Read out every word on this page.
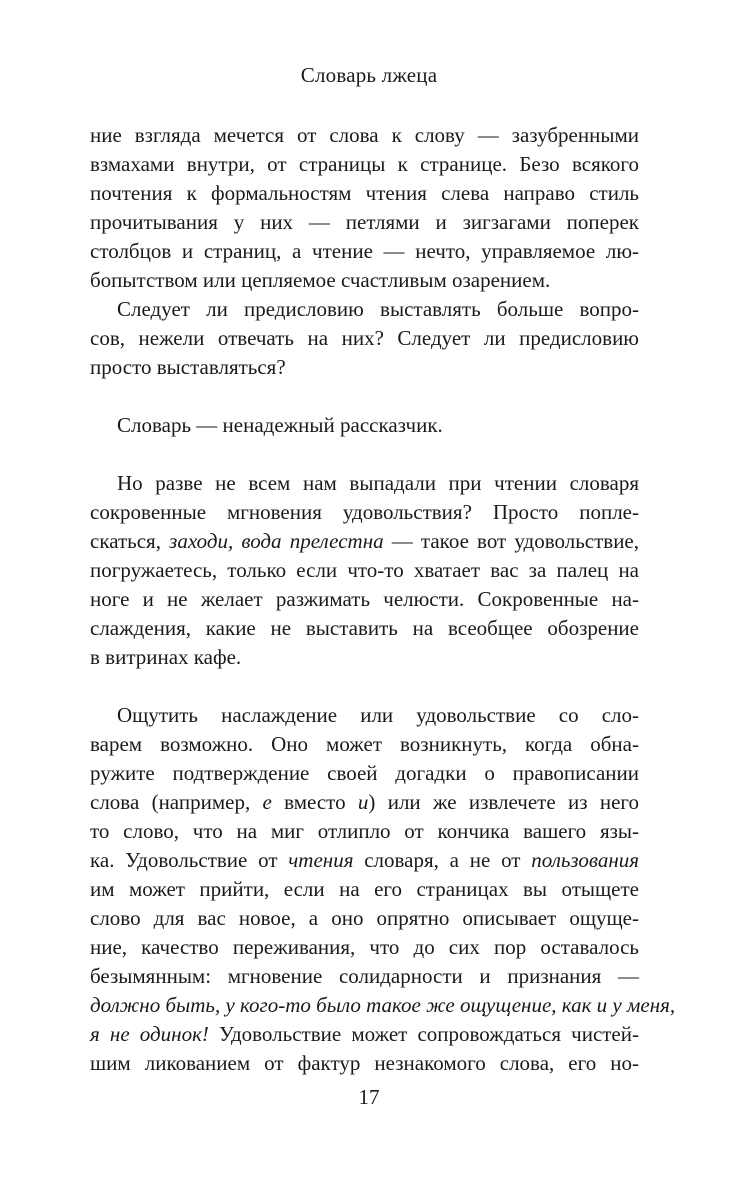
Словарь лжеца
ние взгляда мечется от слова к слову — зазубренными
взмахами внутри, от страницы к странице. Безо всякого
почтения к формальностям чтения слева направо стиль
прочитывания у них — петлями и зигзагами поперек
столбцов и страниц, а чтение — нечто, управляемое лю-
бопытством или цепляемое счастливым озарением.
Следует ли предисловию выставлять больше вопро-
сов, нежели отвечать на них? Следует ли предисловию
просто выставляться?
Словарь — ненадежный рассказчик.
Но разве не всем нам выпадали при чтении словаря
сокровенные мгновения удовольствия? Просто попле-
скаться, заходи, вода прелестна — такое вот удовольствие,
погружаетесь, только если что-то хватает вас за палец на
ноге и не желает разжимать челюсти. Сокровенные на-
слаждения, какие не выставить на всеобщее обозрение
в витринах кафе.
Ощутить наслаждение или удовольствие со сло-
варем возможно. Оно может возникнуть, когда обна-
ружите подтверждение своей догадки о правописании
слова (например, е вместо и) или же извлечете из него
то слово, что на миг отлипло от кончика вашего язы-
ка. Удовольствие от чтения словаря, а не от пользования
им может прийти, если на его страницах вы отыщете
слово для вас новое, а оно опрятно описывает ощуще-
ние, качество переживания, что до сих пор оставалось
безымянным: мгновение солидарности и признания —
должно быть, у кого-то было такое же ощущение, как и у меня,
я не одинок! Удовольствие может сопровождаться чистей-
шим ликованием от фактур незнакомого слова, его но-
17
